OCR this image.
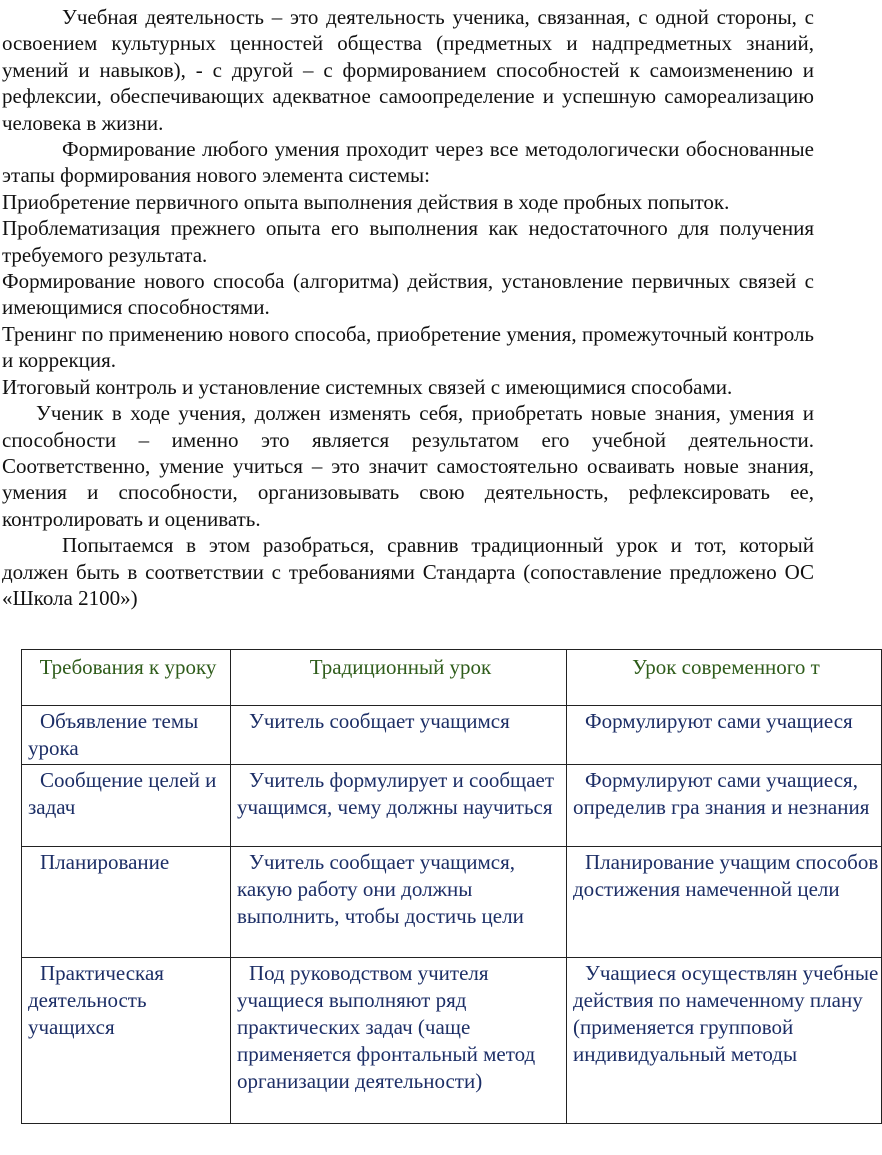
Учебная деятельность – это деятельность ученика, связанная, с одной стороны, с освоением культурных ценностей общества (предметных и надпредметных знаний, умений и навыков), - с другой – с формированием способностей к самоизменению и рефлексии, обеспечивающих адекватное самоопределение и успешную самореализацию человека в жизни.

Формирование любого умения проходит через все методологически обоснованные этапы формирования нового элемента системы:

Приобретение первичного опыта выполнения действия в ходе пробных попыток.

Проблематизация прежнего опыта его выполнения как недостаточного для получения требуемого результата.

Формирование нового способа (алгоритма) действия, установление первичных связей с имеющимися способностями.

Тренинг по применению нового способа, приобретение умения, промежуточный контроль и коррекция.

Итоговый контроль и установление системных связей с имеющимися способами.

Ученик в ходе учения, должен изменять себя, приобретать новые знания, умения и способности – именно это является результатом его учебной деятельности. Соответственно, умение учиться – это значит самостоятельно осваивать новые знания, умения и способности, организовывать свою деятельность, рефлексировать ее, контролировать и оценивать.

Попытаемся в этом разобраться, сравнив традиционный урок и тот, который должен быть в соответствии с требованиями Стандарта (сопоставление предложено ОС «Школа 2100»)

Требования к уроку	Традиционный урок	Урок современного т

Объявление темы урока	Учитель сообщает учащимся	Формулируют сами учащиеся

Сообщение целей и задач	Учитель формулирует и сообщает учащимся, чему должны научиться	Формулируют сами учащиеся, определив гра знания и незнания

Планирование	Учитель сообщает учащимся, какую работу они должны выполнить, чтобы достичь цели	Планирование учащим способов достижения намеченной цели

Практическая деятельность учащихся	Под руководством учителя учащиеся выполняют ряд практических задач (чаще применяется фронтальный метод организации деятельности)	Учащиеся осуществлян учебные действия по намеченному плану (применяется групповой индивидуальный методы
